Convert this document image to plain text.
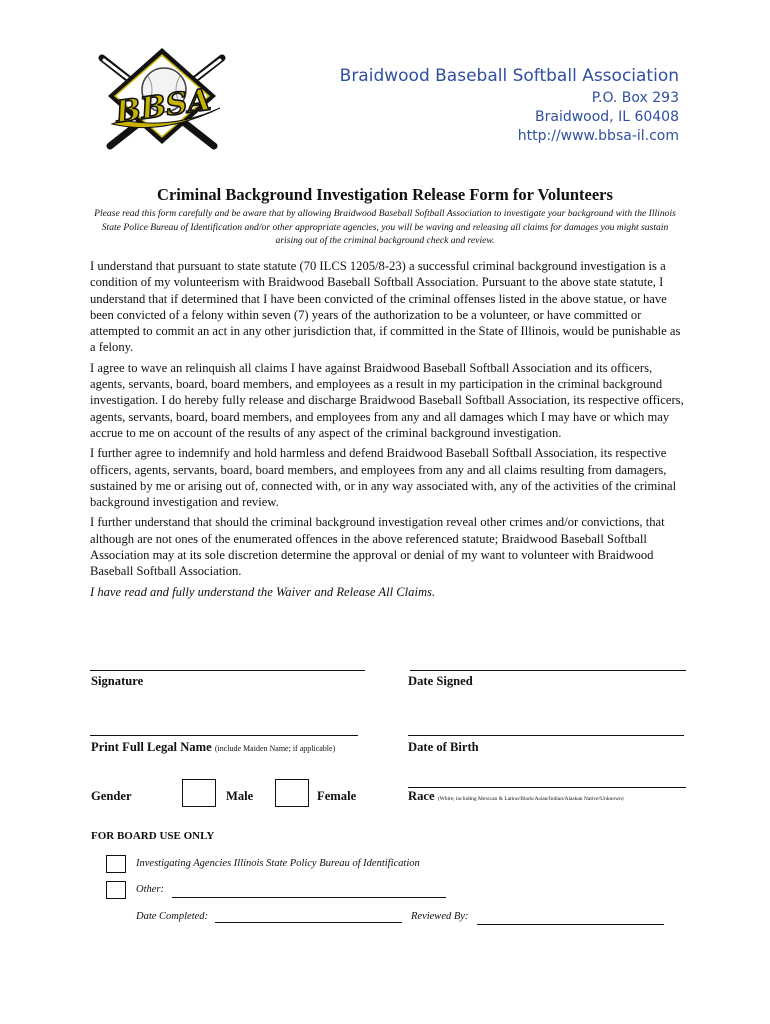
BBSA
Braidwood Baseball Softball Association
P.O. Box 293
Braidwood, IL 60408
http://www.bbsa-il.com
Criminal Background Investigation Release Form for Volunteers
Please read this form carefully and be aware that by allowing Braidwood Baseball Softball Association to investigate your background with the Illinois State Police Bureau of Identification and/or other appropriate agencies, you will be waving and releasing all claims for damages you might sustain arising out of the criminal background check and review.

I understand that pursuant to state statute (70 ILCS 1205/8-23) a successful criminal background investigation is a condition of my volunteerism with Braidwood Baseball Softball Association. Pursuant to the above state statute, I understand that if determined that I have been convicted of the criminal offenses listed in the above statue, or have been convicted of a felony within seven (7) years of the authorization to be a volunteer, or have committed or attempted to commit an act in any other jurisdiction that, if committed in the State of Illinois, would be punishable as a felony.

I agree to wave an relinquish all claims I have against Braidwood Baseball Softball Association and its officers, agents, servants, board, board members, and employees as a result in my participation in the criminal background investigation. I do hereby fully release and discharge Braidwood Baseball Softball Association, its respective officers, agents, servants, board, board members, and employees from any and all damages which I may have or which may accrue to me on account of the results of any aspect of the criminal background investigation.

I further agree to indemnify and hold harmless and defend Braidwood Baseball Softball Association, its respective officers, agents, servants, board, board members, and employees from any and all claims resulting from damagers, sustained by me or arising out of, connected with, or in any way associated with, any of the activities of the criminal background investigation and review.

I further understand that should the criminal background investigation reveal other crimes and/or convictions, that although are not ones of the enumerated offences in the above referenced statute; Braidwood Baseball Softball Association may at its sole discretion determine the approval or denial of my want to volunteer with Braidwood Baseball Softball Association.

I have read and fully understand the Waiver and Release All Claims.

Signature	Date Signed
Print Full Legal Name (include Maiden Name; if applicable)	Date of Birth
Gender	Male	Female	Race (White; including Mexican & Latino/Black/Asian/Indian/Alaskan Native/Unknown)
FOR BOARD USE ONLY
Investigating Agencies Illinois State Policy Bureau of Identification
Other:
Date Completed:	Reviewed By:
